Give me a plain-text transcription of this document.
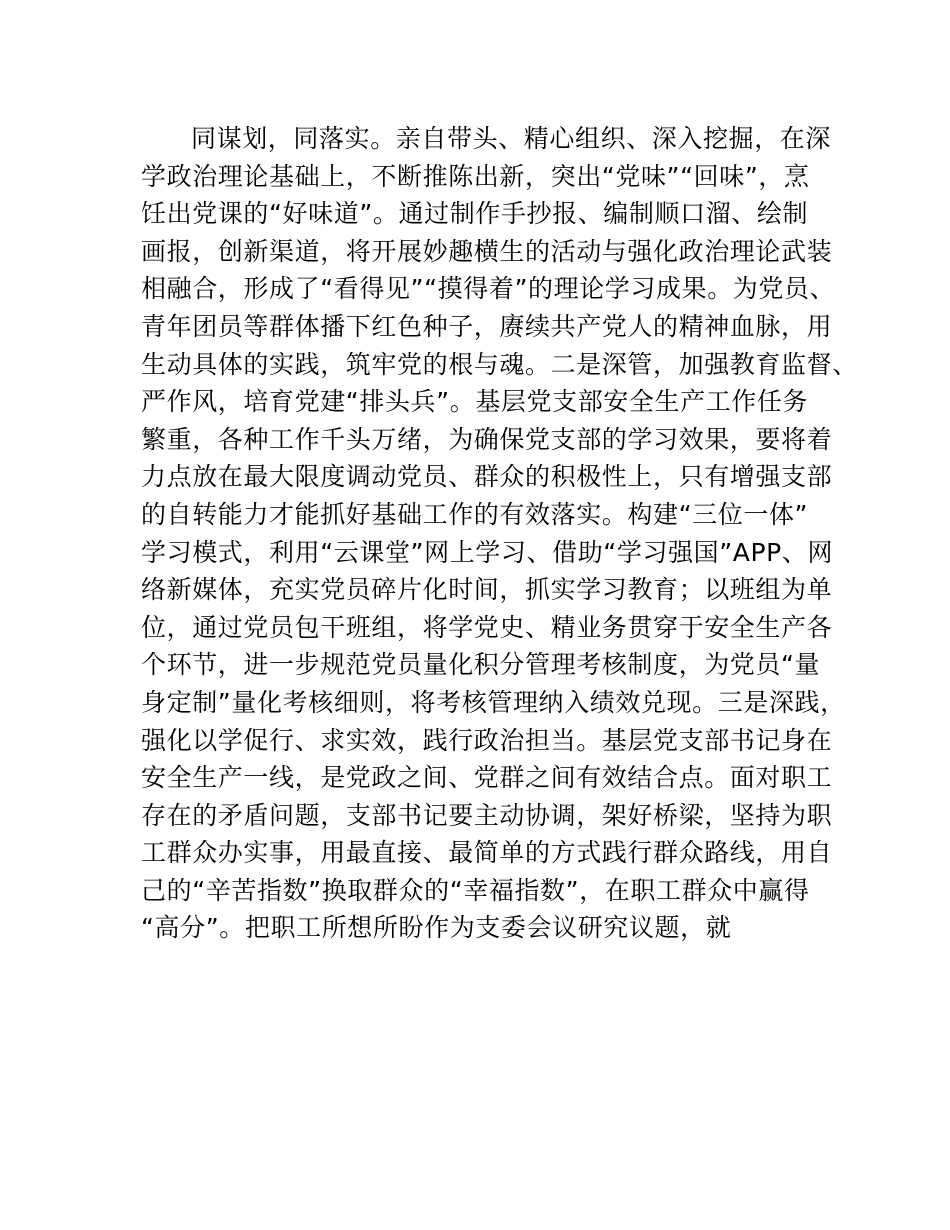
同谋划，同落实。亲自带头、精心组织、深入挖掘，在深
学政治理论基础上，不断推陈出新，突出“党味”“回味”，烹
饪出党课的“好味道”。通过制作手抄报、编制顺口溜、绘制
画报，创新渠道，将开展妙趣横生的活动与强化政治理论武装
相融合，形成了“看得见”“摸得着”的理论学习成果。为党员、
青年团员等群体播下红色种子，赓续共产党人的精神血脉，用
生动具体的实践，筑牢党的根与魂。二是深管，加强教育监督、
严作风，培育党建“排头兵”。基层党支部安全生产工作任务
繁重，各种工作千头万绪，为确保党支部的学习效果，要将着
力点放在最大限度调动党员、群众的积极性上，只有增强支部
的自转能力才能抓好基础工作的有效落实。构建“三位一体”
学习模式，利用“云课堂”网上学习、借助“学习强国”APP、网
络新媒体，充实党员碎片化时间，抓实学习教育；以班组为单
位，通过党员包干班组，将学党史、精业务贯穿于安全生产各
个环节，进一步规范党员量化积分管理考核制度，为党员“量
身定制”量化考核细则，将考核管理纳入绩效兑现。三是深践，
强化以学促行、求实效，践行政治担当。基层党支部书记身在
安全生产一线，是党政之间、党群之间有效结合点。面对职工
存在的矛盾问题，支部书记要主动协调，架好桥梁，坚持为职
工群众办实事，用最直接、最简单的方式践行群众路线，用自
己的“辛苦指数”换取群众的“幸福指数”，在职工群众中赢得
“高分”。把职工所想所盼作为支委会议研究议题，就
